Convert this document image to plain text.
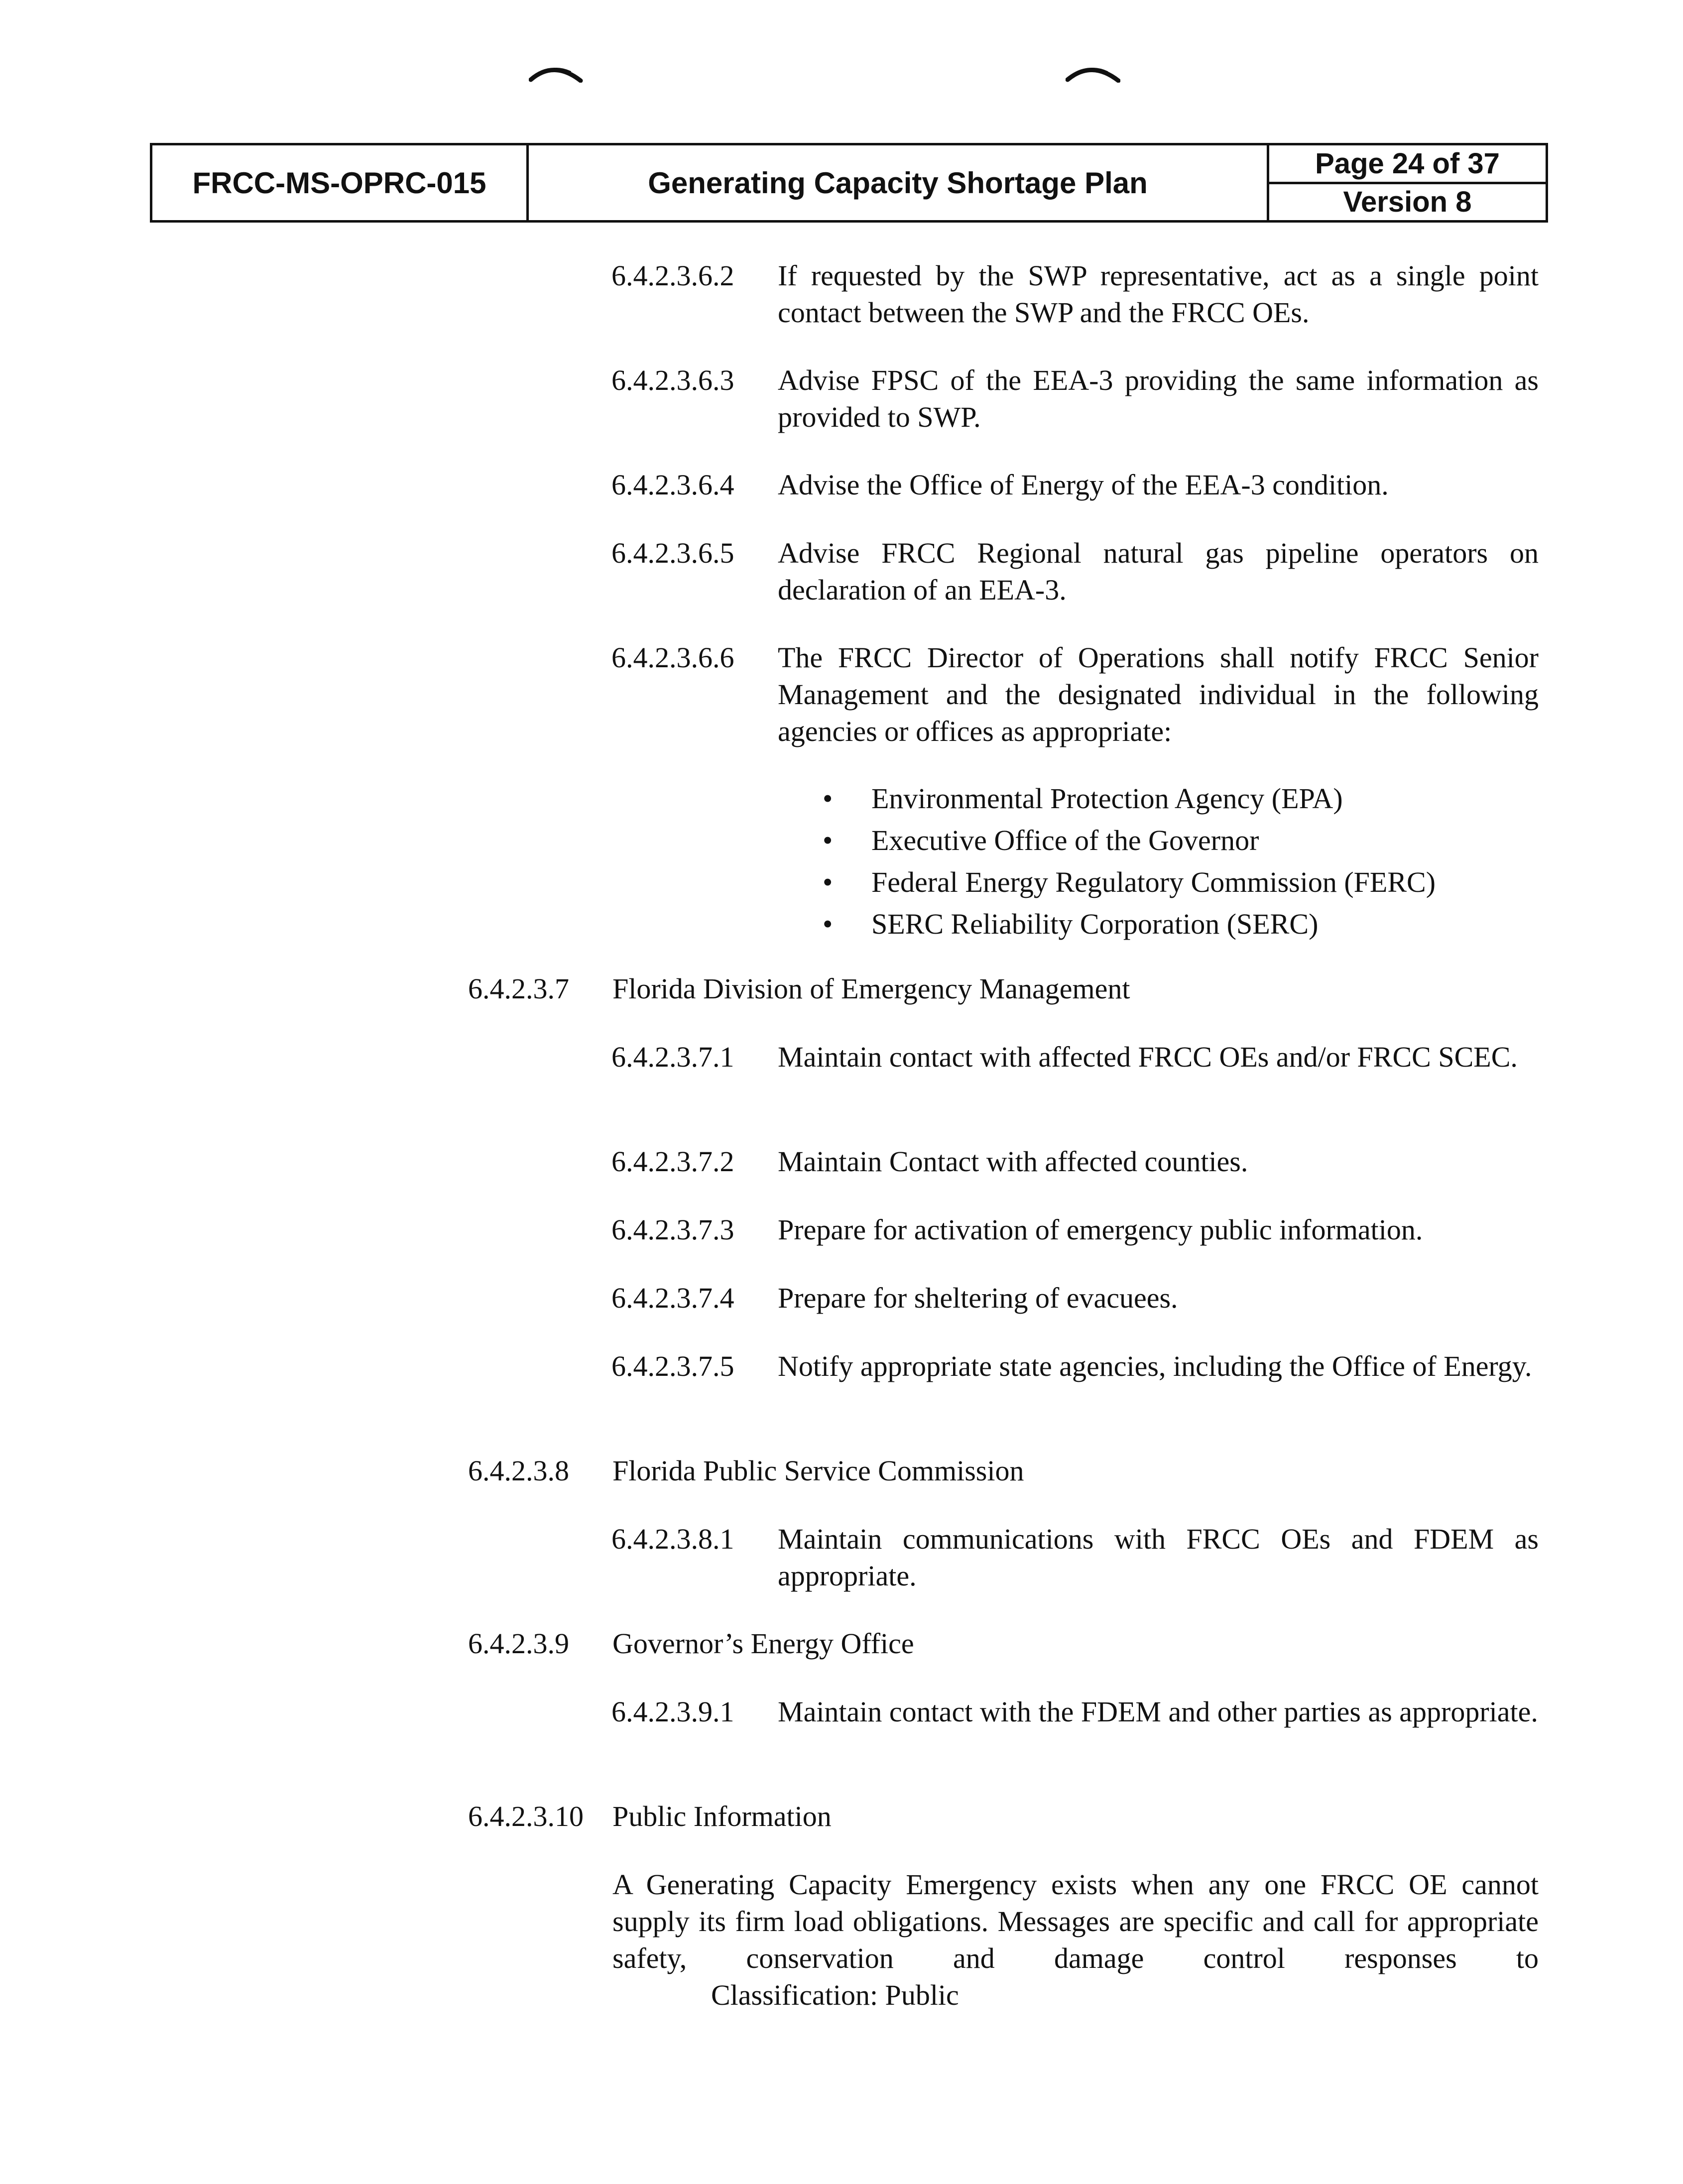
FRCC-MS-OPRC-015	Generating Capacity Shortage Plan
Page 24 of 37
Version 8
6.4.2.3.6.2 If requested by the SWP representative, act as a single point contact between the SWP and the FRCC OEs.
6.4.2.3.6.3 Advise FPSC of the EEA-3 providing the same information as provided to SWP.
6.4.2.3.6.4 Advise the Office of Energy of the EEA-3 condition.
6.4.2.3.6.5 Advise FRCC Regional natural gas pipeline operators on declaration of an EEA-3.
6.4.2.3.6.6 The FRCC Director of Operations shall notify FRCC Senior Management and the designated individual in the following agencies or offices as appropriate:
• Environmental Protection Agency (EPA)
• Executive Office of the Governor
• Federal Energy Regulatory Commission (FERC)
• SERC Reliability Corporation (SERC)
6.4.2.3.7 Florida Division of Emergency Management
6.4.2.3.7.1 Maintain contact with affected FRCC OEs and/or FRCC SCEC.
6.4.2.3.7.2 Maintain Contact with affected counties.
6.4.2.3.7.3 Prepare for activation of emergency public information.
6.4.2.3.7.4 Prepare for sheltering of evacuees.
6.4.2.3.7.5 Notify appropriate state agencies, including the Office of Energy.
6.4.2.3.8 Florida Public Service Commission
6.4.2.3.8.1 Maintain communications with FRCC OEs and FDEM as appropriate.
6.4.2.3.9 Governor’s Energy Office
6.4.2.3.9.1 Maintain contact with the FDEM and other parties as appropriate.
6.4.2.3.10 Public Information
A Generating Capacity Emergency exists when any one FRCC OE cannot supply its firm load obligations. Messages are specific and call for appropriate safety, conservation and damage control responses to
Classification: Public
